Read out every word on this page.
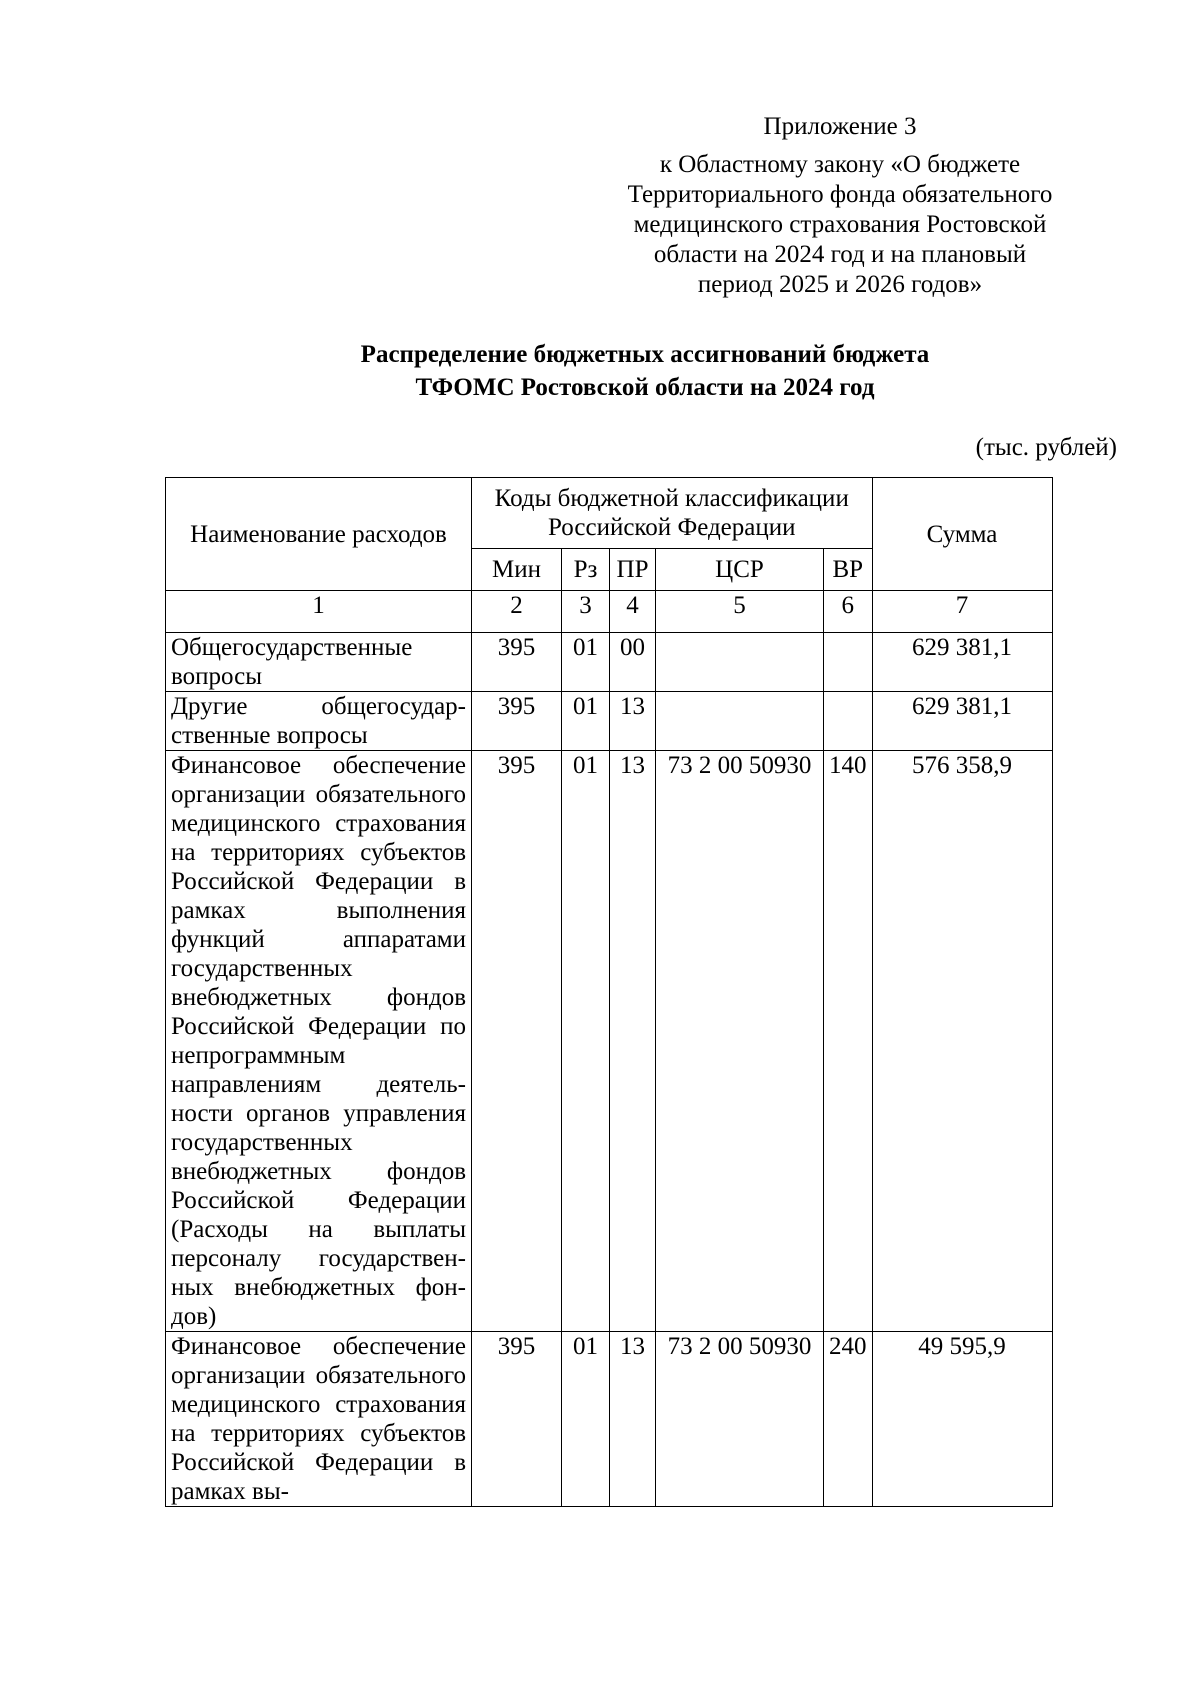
Приложение 3
к Областному закону «О бюджете
Территориального фонда обязательного
медицинского страхования Ростовской
области на 2024 год и на плановый
период 2025 и 2026 годов»
Распределение бюджетных ассигнований бюджета
ТФОМС Ростовской области на 2024 год
(тыс. рублей)
Наименование расходов	Коды бюджетной классификации Российской Федерации					Сумма
	Мин	Рз	ПР	ЦСР	ВР	
1	2	3	4	5	6	7
Общегосударственные вопросы	395	01	00			629 381,1
Другие общегосударственные вопросы	395	01	13			629 381,1
Финансовое обеспечение организации обязательного медицинского страхования на территориях субъектов Российской Федерации в рамках выполнения функций аппаратами государственных внебюджетных фондов Российской Федерации по непрограммным направлениям деятельности органов управления государственных внебюджетных фондов Российской Федерации (Расходы на выплаты персоналу государственных внебюджетных фондов)	395	01	13	73 2 00 50930	140	576 358,9

Финансовое обеспечение организации обязательного медицинского страхования на территориях субъектов Российской Федерации в рамках вы-	395	01	13	73 2 00 50930	240	49 595,9
